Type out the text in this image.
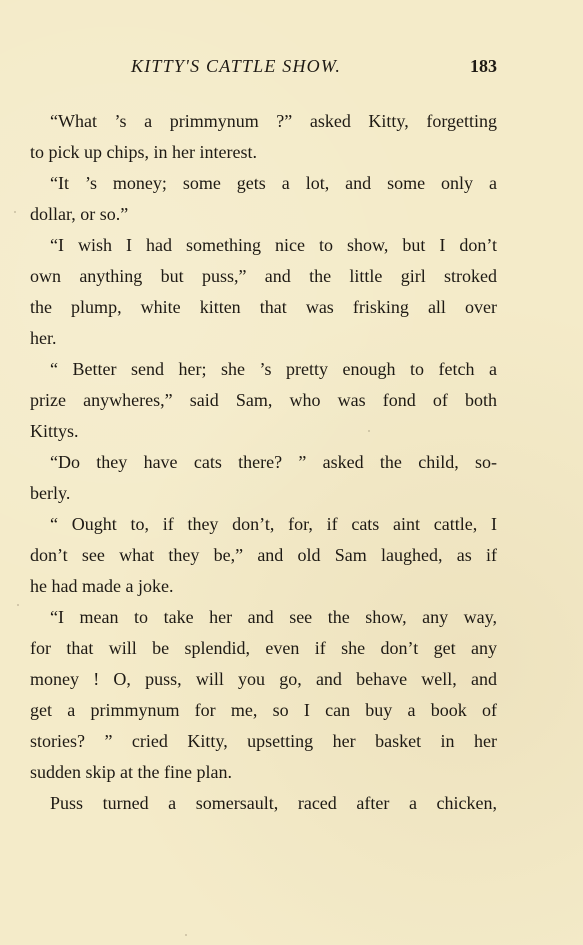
KITTY'S CATTLE SHOW.	183
“What ’s a primmynum ?” asked Kitty, forgetting
to pick up chips, in her interest.
“It ’s money; some gets a lot, and some only a
dollar, or so.”
“I wish I had something nice to show, but I don’t
own anything but puss,” and the little girl stroked
the plump, white kitten that was frisking all over
her.
“ Better send her; she ’s pretty enough to fetch a
prize anywheres,” said Sam, who was fond of both
Kittys.
“Do they have cats there? ” asked the child, so-
berly.
“ Ought to, if they don’t, for, if cats aint cattle, I
don’t see what they be,” and old Sam laughed, as if
he had made a joke.
“I mean to take her and see the show, any way,
for that will be splendid, even if she don’t get any
money ! O, puss, will you go, and behave well, and
get a primmynum for me, so I can buy a book of
stories? ” cried Kitty, upsetting her basket in her
sudden skip at the fine plan.
Puss turned a somersault, raced after a chicken,
